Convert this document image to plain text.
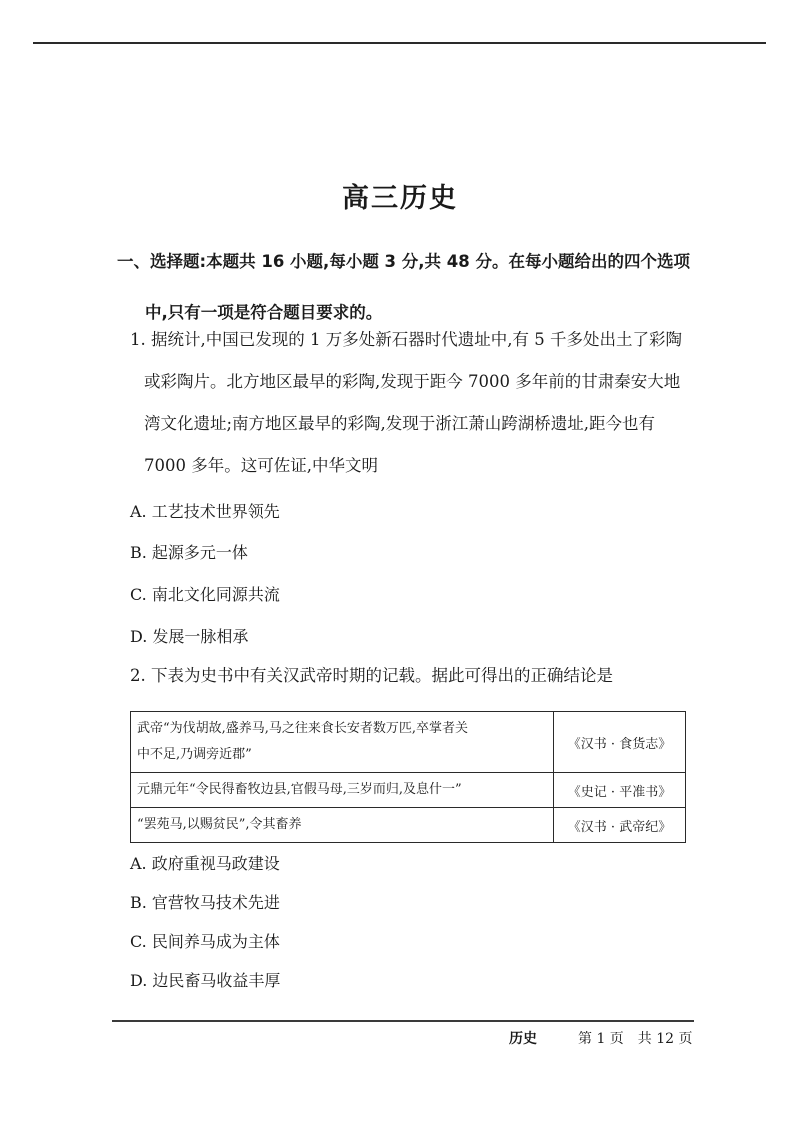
高三历史
一、选择题:本题共 16 小题,每小题 3 分,共 48 分。在每小题给出的四个选项
中,只有一项是符合题目要求的。
1. 据统计,中国已发现的 1 万多处新石器时代遗址中,有 5 千多处出土了彩陶
或彩陶片。北方地区最早的彩陶,发现于距今 7000 多年前的甘肃秦安大地
湾文化遗址;南方地区最早的彩陶,发现于浙江萧山跨湖桥遗址,距今也有
7000 多年。这可佐证,中华文明
A. 工艺技术世界领先
B. 起源多元一体
C. 南北文化同源共流
D. 发展一脉相承
2. 下表为史书中有关汉武帝时期的记载。据此可得出的正确结论是
武帝“为伐胡故,盛养马,马之往来食长安者数万匹,卒掌者关
中不足,乃调旁近郡”	《汉书 · 食货志》
元鼎元年“令民得畜牧边县,官假马母,三岁而归,及息什一”	《史记 · 平准书》
“罢苑马,以赐贫民”,令其畜养	《汉书 · 武帝纪》
A. 政府重视马政建设
B. 官营牧马技术先进
C. 民间养马成为主体
D. 边民畜马收益丰厚
历史	第 1 页　共 12 页
